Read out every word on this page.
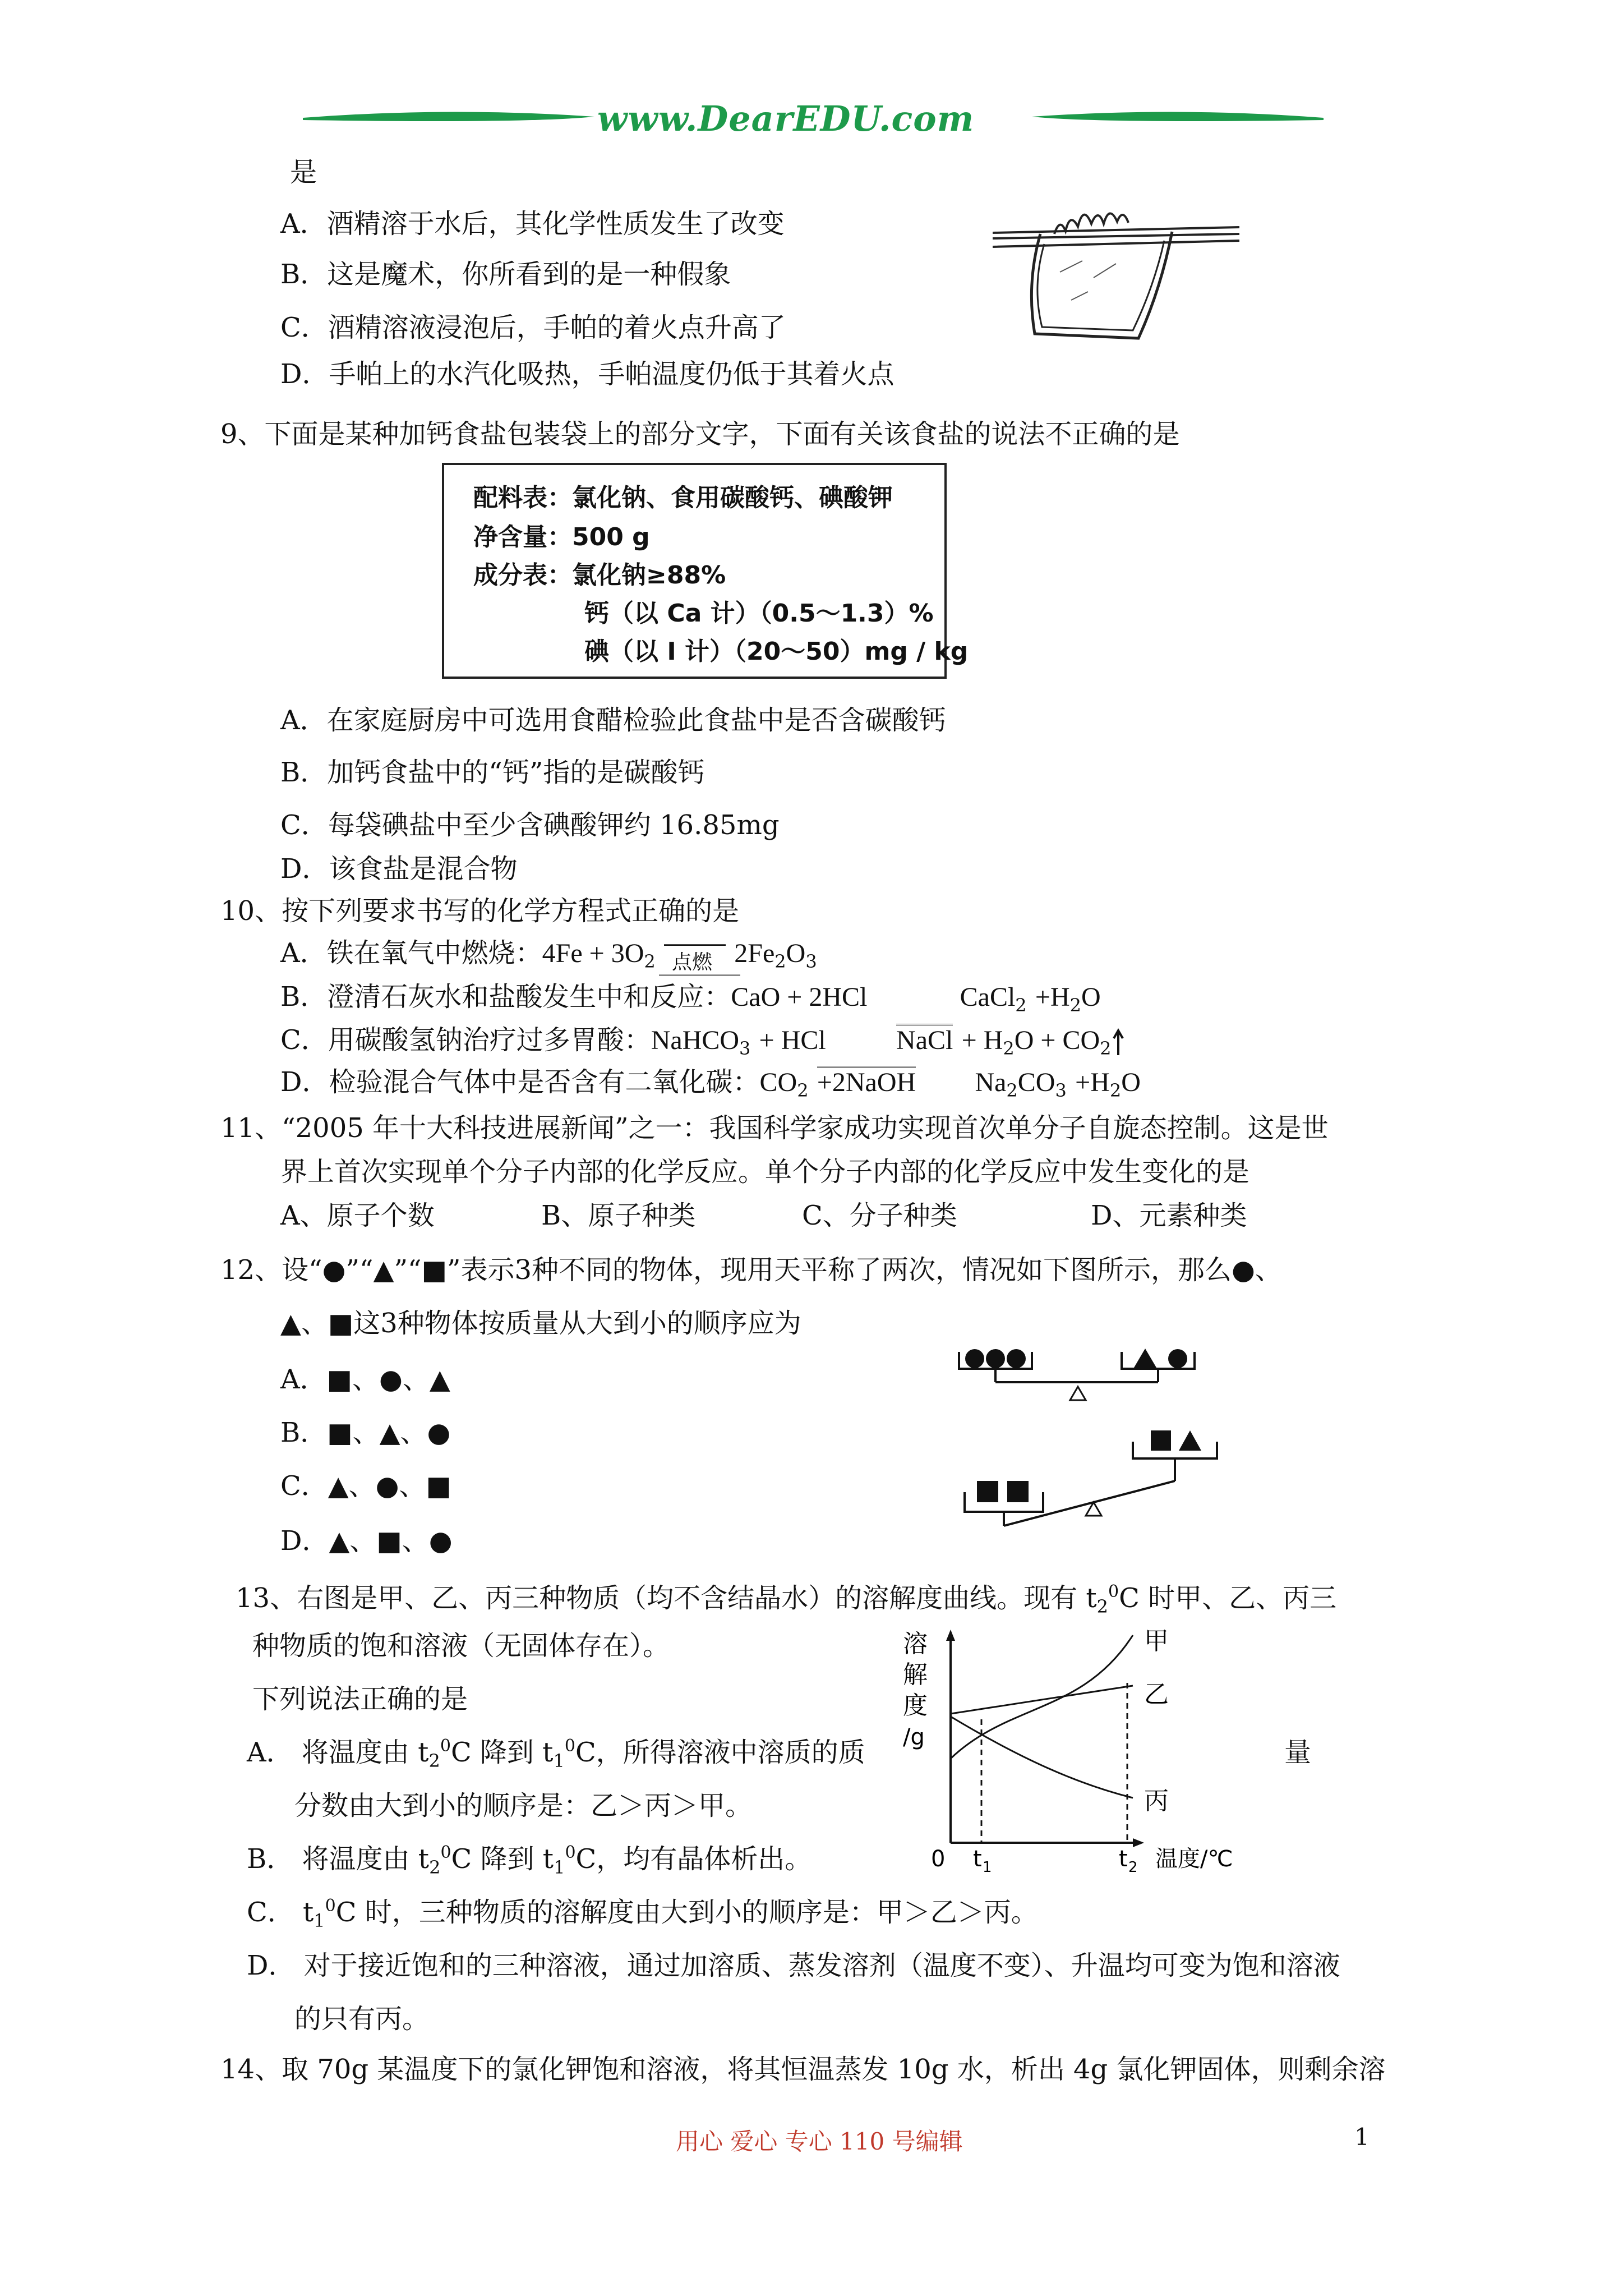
www.DearEDU.com
是
A．酒精溶于水后，其化学性质发生了改变
B．这是魔术，你所看到的是一种假象
C．酒精溶液浸泡后，手帕的着火点升高了
D．手帕上的水汽化吸热，手帕温度仍低于其着火点
9、下面是某种加钙食盐包装袋上的部分文字，下面有关该食盐的说法不正确的是
配料表：氯化钠、食用碳酸钙、碘酸钾
净含量：500 g
成分表：氯化钠≥88%
钙（以 Ca 计）（0.5～1.3）%
碘（以 I 计）（20～50）mg / kg
A．在家庭厨房中可选用食醋检验此食盐中是否含碳酸钙
B．加钙食盐中的“钙”指的是碳酸钙
C．每袋碘盐中至少含碘酸钾约 16.85mg
D．该食盐是混合物
10、按下列要求书写的化学方程式正确的是
A．铁在氧气中燃烧：$4Fe + 3O_2$ 点燃 $2Fe_2O_3$
B．澄清石灰水和盐酸发生中和反应：CaO + 2HCl	CaCl$_2$ $+H_2O$
C．用碳酸氢钠治疗过多胃酸：NaHCO$_3$ + HCl	NaCl + $H_2O + CO_2$
D．检验混合气体中是否含有二氧化碳：$CO_2$ +2NaOH $Na_2CO_3 +H_2O$
11、“2005 年十大科技进展新闻”之一：我国科学家成功实现首次单分子自旋态控制。这是世
界上首次实现单个分子内部的化学反应。单个分子内部的化学反应中发生变化的是
A、原子个数	B、原子种类	C、分子种类	D、元素种类
12、设“●”“▲”“■”表示3种不同的物体，现用天平称了两次，情况如下图所示，那么●、
▲、■这3种物体按质量从大到小的顺序应为
A．■、●、▲
B．■、▲、●
C．▲、●、■
D．▲、■、●
13、右图是甲、乙、丙三种物质（均不含结晶水）的溶解度曲线。现有 $t_2^0C$ 时甲、乙、丙三
种物质的饱和溶液（无固体存在）。
下列说法正确的是
A． 将温度由 $t_2^0C$ 降到 $t_1^0C$，所得溶液中溶质的质	量
分数由大到小的顺序是：乙＞丙＞甲。
B． 将温度由 $t_2^0C$ 降到 $t_1^0C$，均有晶体析出。
C． $t_1^0C$ 时，三种物质的溶解度由大到小的顺序是：甲＞乙＞丙。
D． 对于接近饱和的三种溶液，通过加溶质、蒸发溶剂（温度不变）、升温均可变为饱和溶液
的只有丙。
溶
解
度
/g
甲
乙
丙
0 t 1	t 2 温度/℃
14、取 70g 某温度下的氯化钾饱和溶液，将其恒温蒸发 10g 水，析出 4g 氯化钾固体，则剩余溶
用心 爱心 专心 110 号编辑	1
